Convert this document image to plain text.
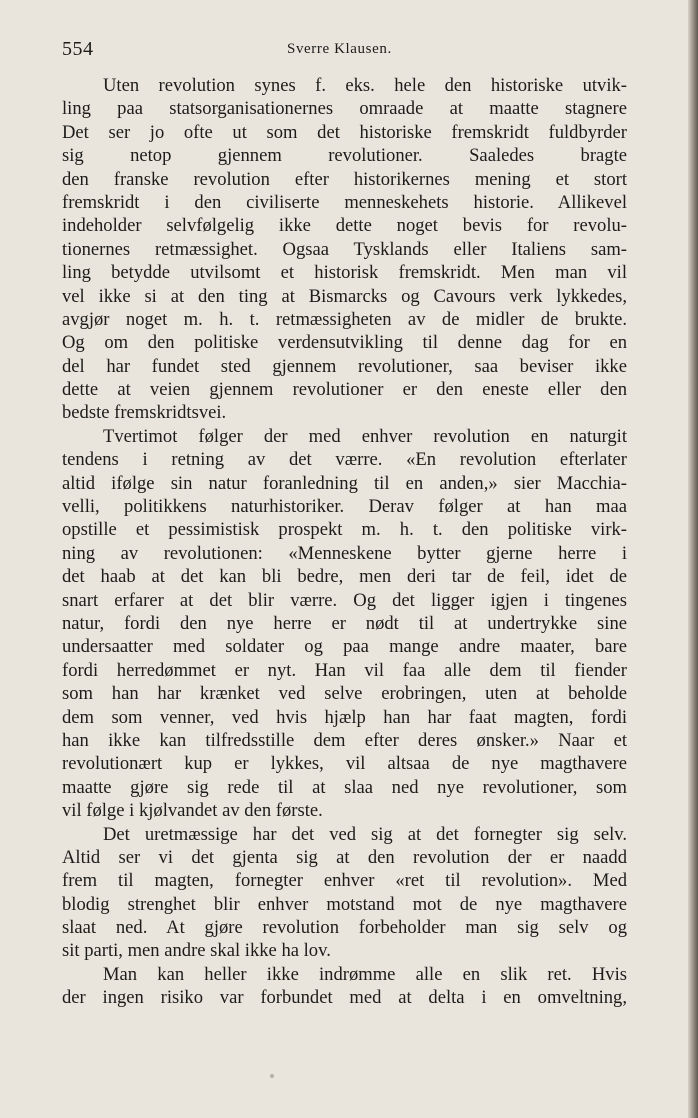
554	Sverre Klausen.
Uten revolution synes f. eks. hele den historiske utvik-
ling paa statsorganisationernes omraade at maatte stagnere
Det ser jo ofte ut som det historiske fremskridt fuldbyrder
sig netop gjennem revolutioner. Saaledes bragte
den franske revolution efter historikernes mening et stort
fremskridt i den civiliserte menneskehets historie. Allikevel
indeholder selvfølgelig ikke dette noget bevis for revolu-
tionernes retmæssighet. Ogsaa Tysklands eller Italiens sam-
ling betydde utvilsomt et historisk fremskridt. Men man vil
vel ikke si at den ting at Bismarcks og Cavours verk lykkedes,
avgjør noget m. h. t. retmæssigheten av de midler de brukte.
Og om den politiske verdensutvikling til denne dag for en
del har fundet sted gjennem revolutioner, saa beviser ikke
dette at veien gjennem revolutioner er den eneste eller den
bedste fremskridtsvei.
Tvertimot følger der med enhver revolution en naturgit
tendens i retning av det værre. «En revolution efterlater
altid ifølge sin natur foranledning til en anden,» sier Macchia-
velli, politikkens naturhistoriker. Derav følger at han maa
opstille et pessimistisk prospekt m. h. t. den politiske virk-
ning av revolutionen: «Menneskene bytter gjerne herre i
det haab at det kan bli bedre, men deri tar de feil, idet de
snart erfarer at det blir værre. Og det ligger igjen i tingenes
natur, fordi den nye herre er nødt til at undertrykke sine
undersaatter med soldater og paa mange andre maater, bare
fordi herredømmet er nyt. Han vil faa alle dem til fiender
som han har krænket ved selve erobringen, uten at beholde
dem som venner, ved hvis hjælp han har faat magten, fordi
han ikke kan tilfredsstille dem efter deres ønsker.» Naar et
revolutionært kup er lykkes, vil altsaa de nye magthavere
maatte gjøre sig rede til at slaa ned nye revolutioner, som
vil følge i kjølvandet av den første.
Det uretmæssige har det ved sig at det fornegter sig selv.
Altid ser vi det gjenta sig at den revolution der er naadd
frem til magten, fornegter enhver «ret til revolution». Med
blodig strenghet blir enhver motstand mot de nye magthavere
slaat ned. At gjøre revolution forbeholder man sig selv og
sit parti, men andre skal ikke ha lov.
Man kan heller ikke indrømme alle en slik ret. Hvis
der ingen risiko var forbundet med at delta i en omveltning,
